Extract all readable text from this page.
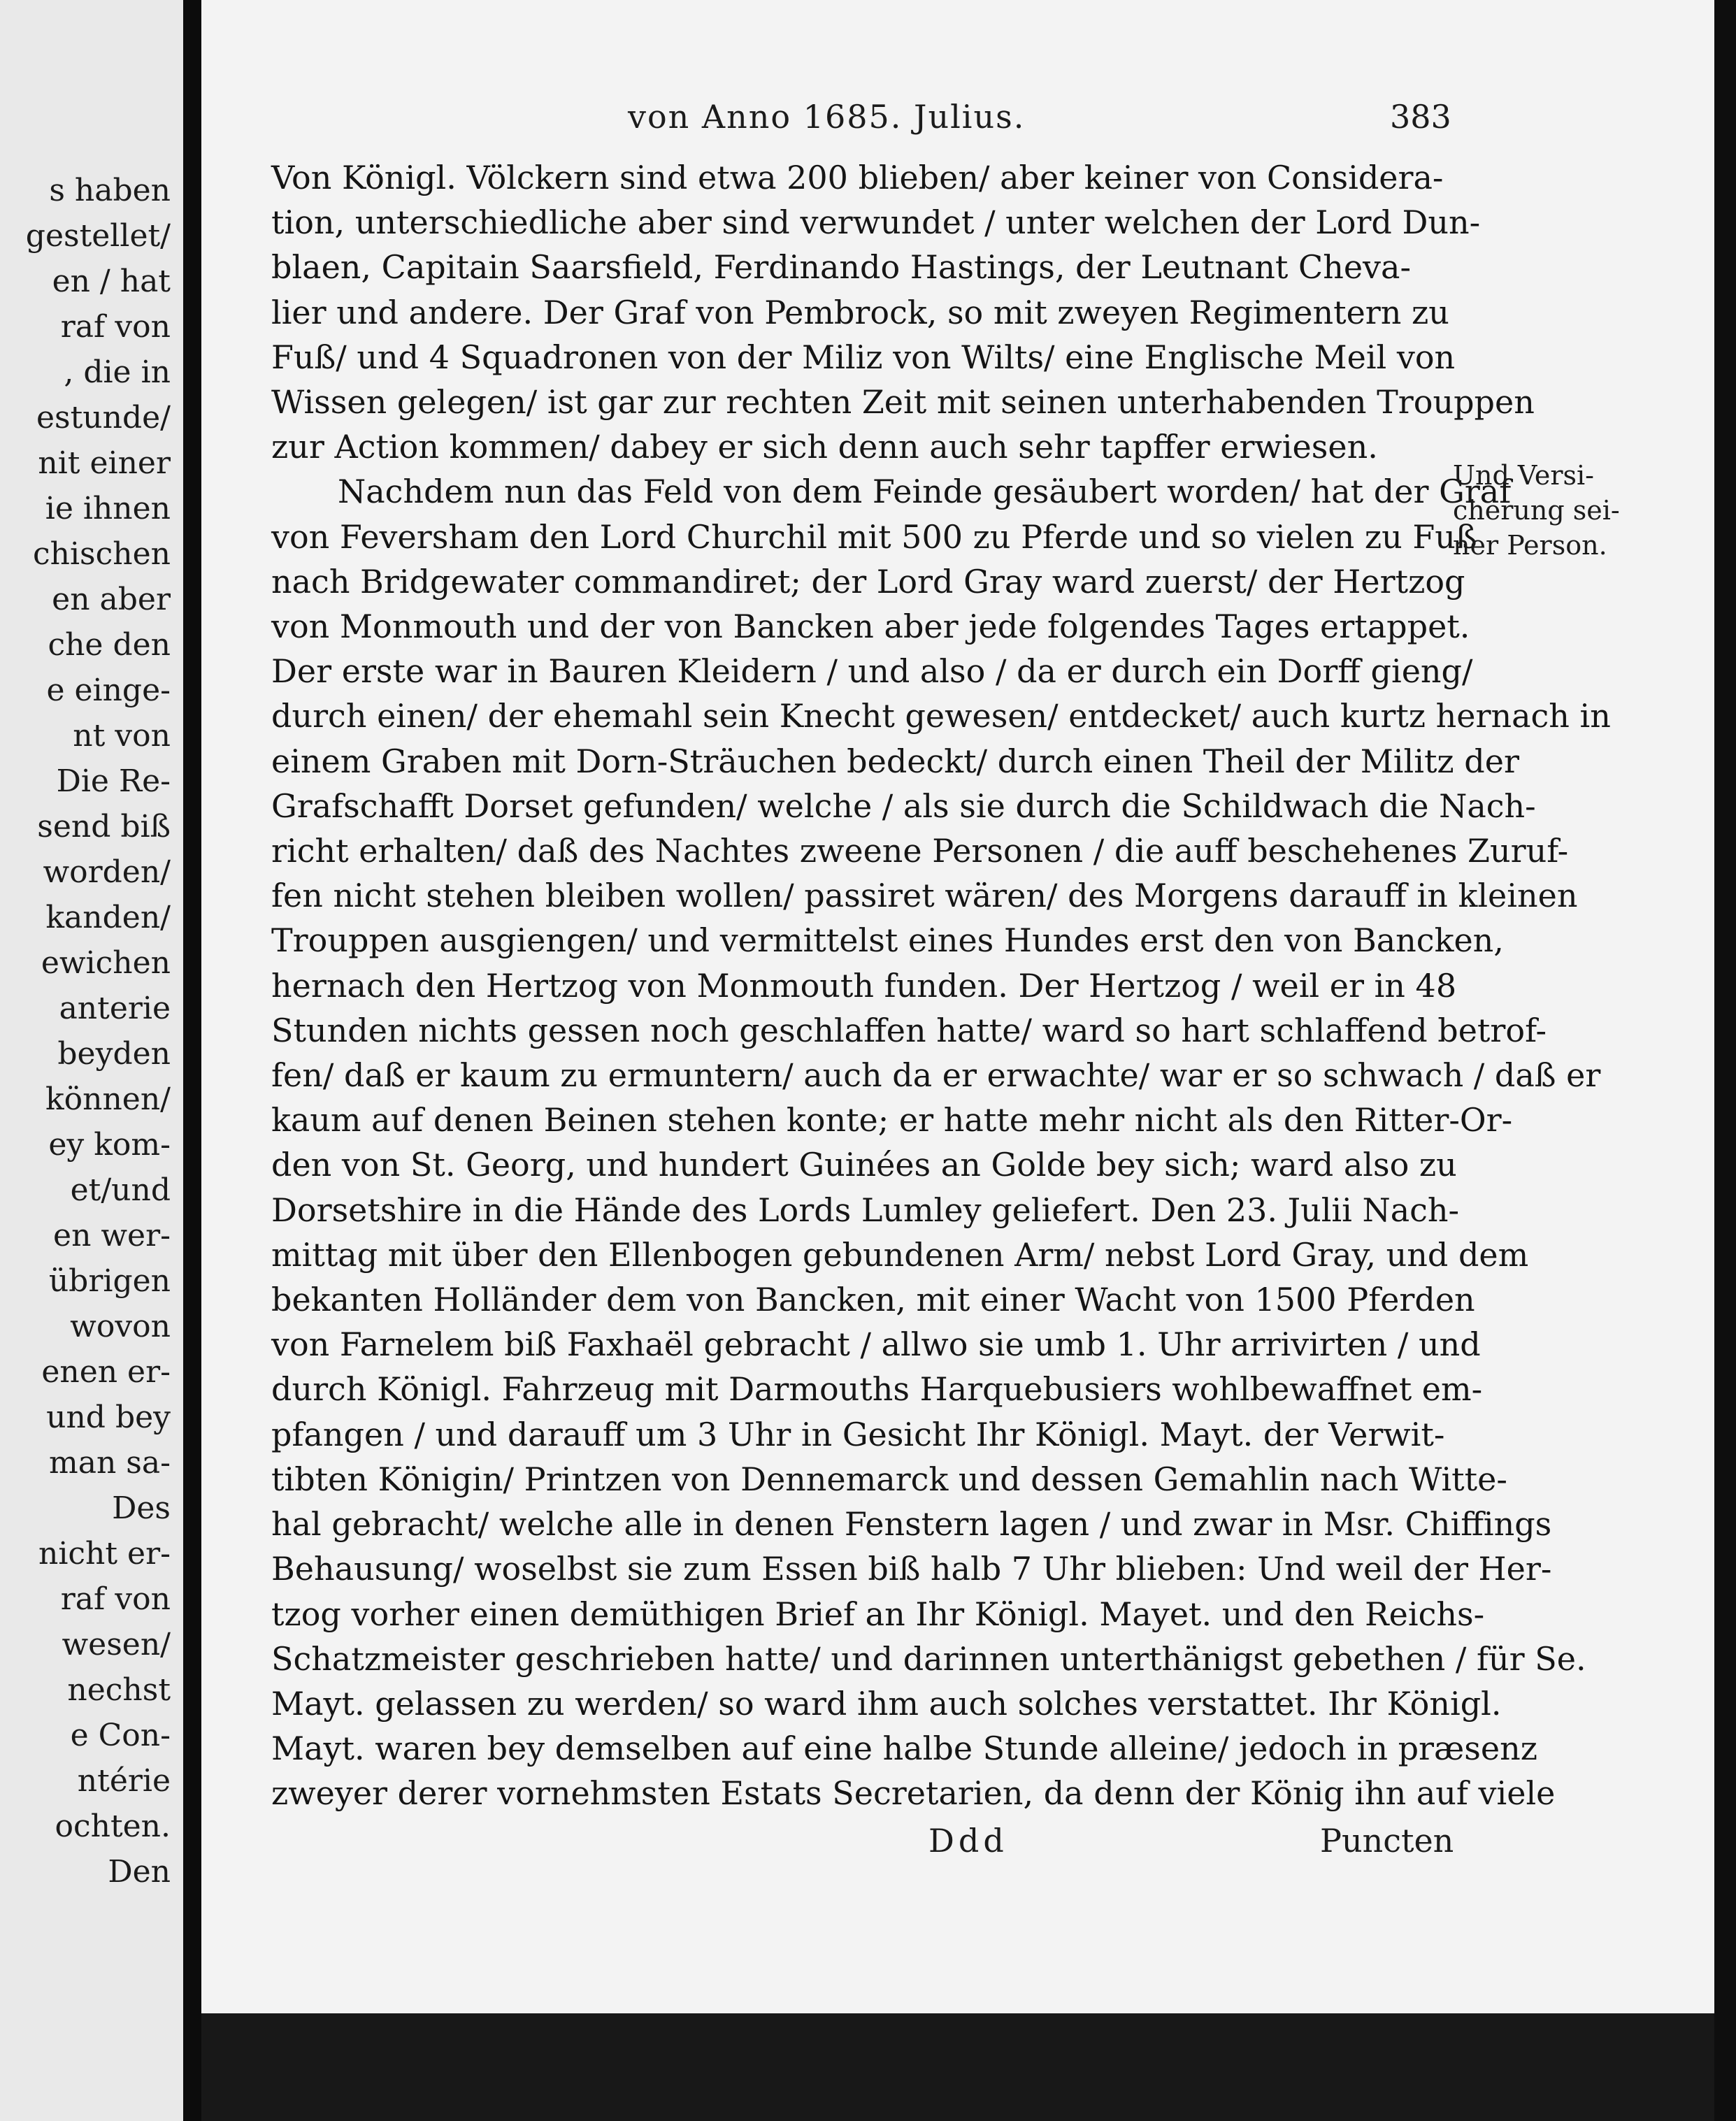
s haben
gestellet/
en / hat
raf von
, die in
estunde/
nit einer
ie ihnen
chischen
en aber
che den
e einge-
nt von
Die Re-
send biß
worden/
kanden/
ewichen
anterie
beyden
können/
ey kom-
et/und
en wer-
übrigen
wovon
enen er-
und bey
man sa-
Des
nicht er-
raf von
wesen/
nechst
e Con-
ntérie
ochten.
Den
von Anno 1685. Julius.	383
Von Königl. Völckern sind etwa 200 blieben/ aber keiner von Considera-
tion, unterschiedliche aber sind verwundet / unter welchen der Lord Dun-
blaen, Capitain Saarsfield, Ferdinando Hastings, der Leutnant Cheva-
lier und andere. Der Graf von Pembrock, so mit zweyen Regimentern zu
Fuß/ und 4 Squadronen von der Miliz von Wilts/ eine Englische Meil von
Wissen gelegen/ ist gar zur rechten Zeit mit seinen unterhabenden Trouppen
zur Action kommen/ dabey er sich denn auch sehr tapffer erwiesen.
Nachdem nun das Feld von dem Feinde gesäubert worden/ hat der Graf
von Feversham den Lord Churchil mit 500 zu Pferde und so vielen zu Fuß
nach Bridgewater commandiret; der Lord Gray ward zuerst/ der Hertzog
von Monmouth und der von Bancken aber jede folgendes Tages ertappet.
Der erste war in Bauren Kleidern / und also / da er durch ein Dorff gieng/
durch einen/ der ehemahl sein Knecht gewesen/ entdecket/ auch kurtz hernach in
einem Graben mit Dorn-Sträuchen bedeckt/ durch einen Theil der Militz der
Grafschafft Dorset gefunden/ welche / als sie durch die Schildwach die Nach-
richt erhalten/ daß des Nachtes zweene Personen / die auff beschehenes Zuruf-
fen nicht stehen bleiben wollen/ passiret wären/ des Morgens darauff in kleinen
Trouppen ausgiengen/ und vermittelst eines Hundes erst den von Bancken,
hernach den Hertzog von Monmouth funden. Der Hertzog / weil er in 48
Stunden nichts gessen noch geschlaffen hatte/ ward so hart schlaffend betrof-
fen/ daß er kaum zu ermuntern/ auch da er erwachte/ war er so schwach / daß er
kaum auf denen Beinen stehen konte; er hatte mehr nicht als den Ritter-Or-
den von St. Georg, und hundert Guinées an Golde bey sich; ward also zu
Dorsetshire in die Hände des Lords Lumley geliefert. Den 23. Julii Nach-
mittag mit über den Ellenbogen gebundenen Arm/ nebst Lord Gray, und dem
bekanten Holländer dem von Bancken, mit einer Wacht von 1500 Pferden
von Farnelem biß Faxhaël gebracht / allwo sie umb 1. Uhr arrivirten / und
durch Königl. Fahrzeug mit Darmouths Harquebusiers wohlbewaffnet em-
pfangen / und darauff um 3 Uhr in Gesicht Ihr Königl. Mayt. der Verwit-
tibten Königin/ Printzen von Dennemarck und dessen Gemahlin nach Witte-
hal gebracht/ welche alle in denen Fenstern lagen / und zwar in Msr. Chiffings
Behausung/ woselbst sie zum Essen biß halb 7 Uhr blieben: Und weil der Her-
tzog vorher einen demüthigen Brief an Ihr Königl. Mayet. und den Reichs-
Schatzmeister geschrieben hatte/ und darinnen unterthänigst gebethen / für Se.
Mayt. gelassen zu werden/ so ward ihm auch solches verstattet. Ihr Königl.
Mayt. waren bey demselben auf eine halbe Stunde alleine/ jedoch in præsenz
zweyer derer vornehmsten Estats Secretarien, da denn der König ihn auf viele
Und Versi-
cherung sei-
ner Person.
Ddd	Puncten
